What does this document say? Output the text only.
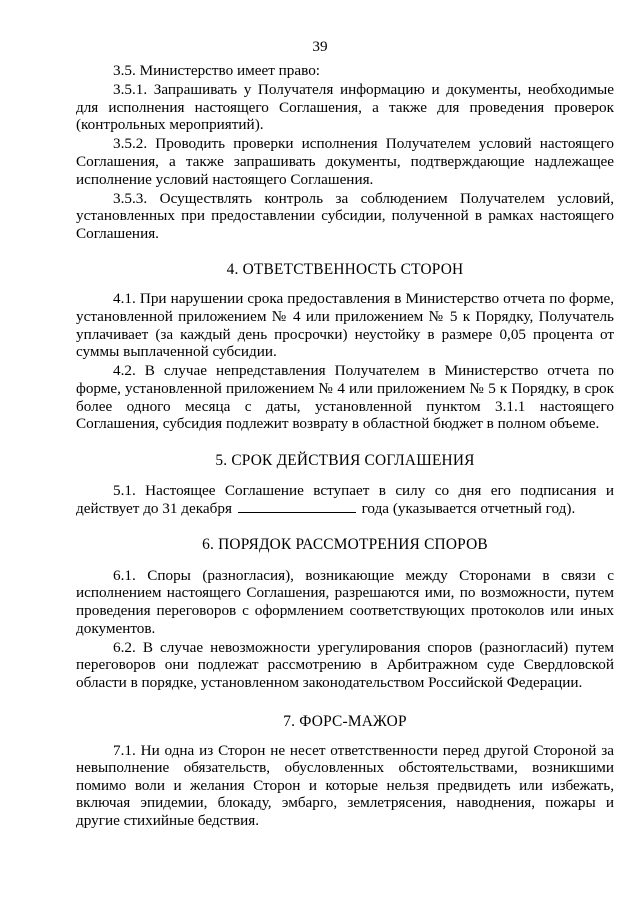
39

3.5. Министерство имеет право:

3.5.1. Запрашивать у Получателя информацию и документы, необходимые для исполнения настоящего Соглашения, а также для проведения проверок (контрольных мероприятий).

3.5.2. Проводить проверки исполнения Получателем условий настоящего Соглашения, а также запрашивать документы, подтверждающие надлежащее исполнение условий настоящего Соглашения.

3.5.3. Осуществлять контроль за соблюдением Получателем условий, установленных при предоставлении субсидии, полученной в рамках настоящего Соглашения.

4. ОТВЕТСТВЕННОСТЬ СТОРОН

4.1. При нарушении срока предоставления в Министерство отчета по форме, установленной приложением № 4 или приложением № 5 к Порядку, Получатель уплачивает (за каждый день просрочки) неустойку в размере 0,05 процента от суммы выплаченной субсидии.

4.2. В случае непредставления Получателем в Министерство отчета по форме, установленной приложением № 4 или приложением № 5 к Порядку, в срок более одного месяца с даты, установленной пунктом 3.1.1 настоящего Соглашения, субсидия подлежит возврату в областной бюджет в полном объеме.

5. СРОК ДЕЙСТВИЯ СОГЛАШЕНИЯ

5.1. Настоящее Соглашение вступает в силу со дня его подписания и действует до 31 декабря	года (указывается отчетный год).

6. ПОРЯДОК РАССМОТРЕНИЯ СПОРОВ

6.1. Споры (разногласия), возникающие между Сторонами в связи с исполнением настоящего Соглашения, разрешаются ими, по возможности, путем проведения переговоров с оформлением соответствующих протоколов или иных документов.

6.2. В случае невозможности урегулирования споров (разногласий) путем переговоров они подлежат рассмотрению в Арбитражном суде Свердловской области в порядке, установленном законодательством Российской Федерации.

7. ФОРС-МАЖОР

7.1. Ни одна из Сторон не несет ответственности перед другой Стороной за невыполнение обязательств, обусловленных обстоятельствами, возникшими помимо воли и желания Сторон и которые нельзя предвидеть или избежать, включая эпидемии, блокаду, эмбарго, землетрясения, наводнения, пожары и другие стихийные бедствия.
